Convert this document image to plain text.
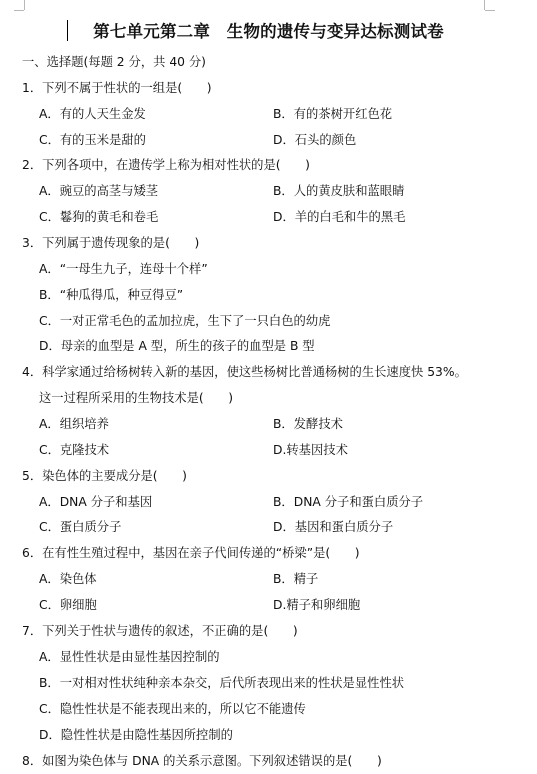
第七单元第二章　生物的遗传与变异达标测试卷
一、选择题(每题 2 分，共 40 分)
1．下列不属于性状的一组是(　　)
A．有的人天生金发	B．有的茶树开红色花
C．有的玉米是甜的	D．石头的颜色
2．下列各项中，在遗传学上称为相对性状的是(　　)
A．豌豆的高茎与矮茎	B．人的黄皮肤和蓝眼睛
C．鬈狗的黄毛和卷毛	D．羊的白毛和牛的黑毛
3．下列属于遗传现象的是(　　)
A．“一母生九子，连母十个样”
B．“种瓜得瓜，种豆得豆”
C．一对正常毛色的孟加拉虎，生下了一只白色的幼虎
D．母亲的血型是 A 型，所生的孩子的血型是 B 型
4．科学家通过给杨树转入新的基因，使这些杨树比普通杨树的生长速度快 53%。
这一过程所采用的生物技术是(　　)
A．组织培养	B．发酵技术
C．克隆技术	D.转基因技术
5．染色体的主要成分是(　　)
A．DNA 分子和基因	B．DNA 分子和蛋白质分子
C．蛋白质分子	D．基因和蛋白质分子
6．在有性生殖过程中，基因在亲子代间传递的“桥梁”是(　　)
A．染色体	B．精子
C．卵细胞	D.精子和卵细胞
7．下列关于性状与遗传的叙述，不正确的是(　　)
A．显性性状是由显性基因控制的
B．一对相对性状纯种亲本杂交，后代所表现出来的性状是显性性状
C．隐性性状是不能表现出来的，所以它不能遗传
D．隐性性状是由隐性基因所控制的
8．如图为染色体与 DNA 的关系示意图。下列叙述错误的是(　　)
